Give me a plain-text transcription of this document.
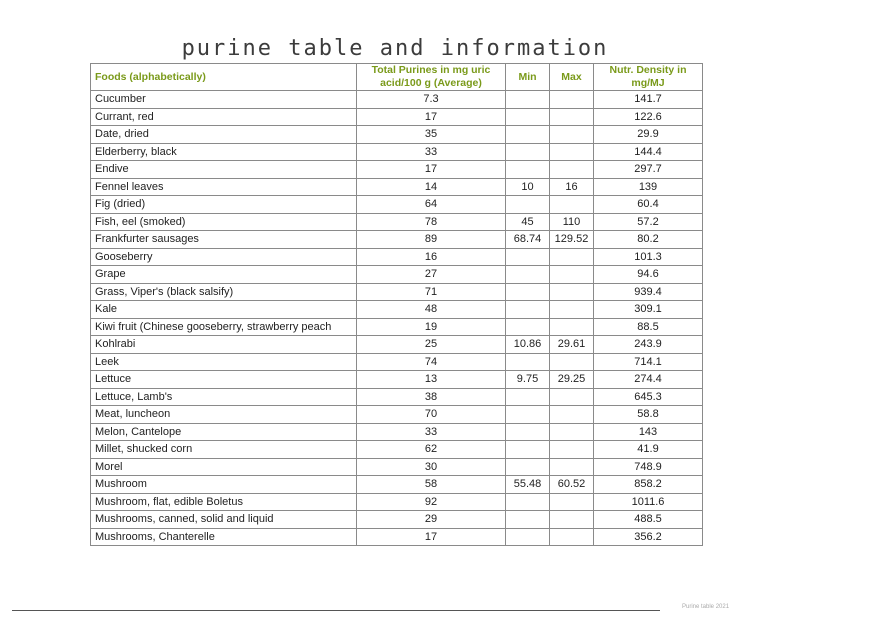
purine table and information
Foods (alphabetically)	Total Purines in mg uric acid/100 g (Average)	Min	Max	Nutr. Density in mg/MJ
Cucumber	7.3			141.7
Currant, red	17			122.6
Date, dried	35			29.9
Elderberry, black	33			144.4
Endive	17			297.7
Fennel leaves	14	10	16	139
Fig (dried)	64			60.4
Fish, eel (smoked)	78	45	110	57.2
Frankfurter sausages	89	68.74	129.52	80.2
Gooseberry	16			101.3
Grape	27			94.6
Grass, Viper's (black salsify)	71			939.4
Kale	48			309.1
Kiwi fruit (Chinese gooseberry, strawberry peach	19			88.5
Kohlrabi	25	10.86	29.61	243.9
Leek	74			714.1
Lettuce	13	9.75	29.25	274.4
Lettuce, Lamb's	38			645.3
Meat, luncheon	70			58.8
Melon, Cantelope	33			143
Millet, shucked corn	62			41.9
Morel	30			748.9
Mushroom	58	55.48	60.52	858.2
Mushroom, flat, edible Boletus	92			1011.6
Mushrooms, canned, solid and liquid	29			488.5
Mushrooms, Chanterelle	17			356.2
Purine table 2021
